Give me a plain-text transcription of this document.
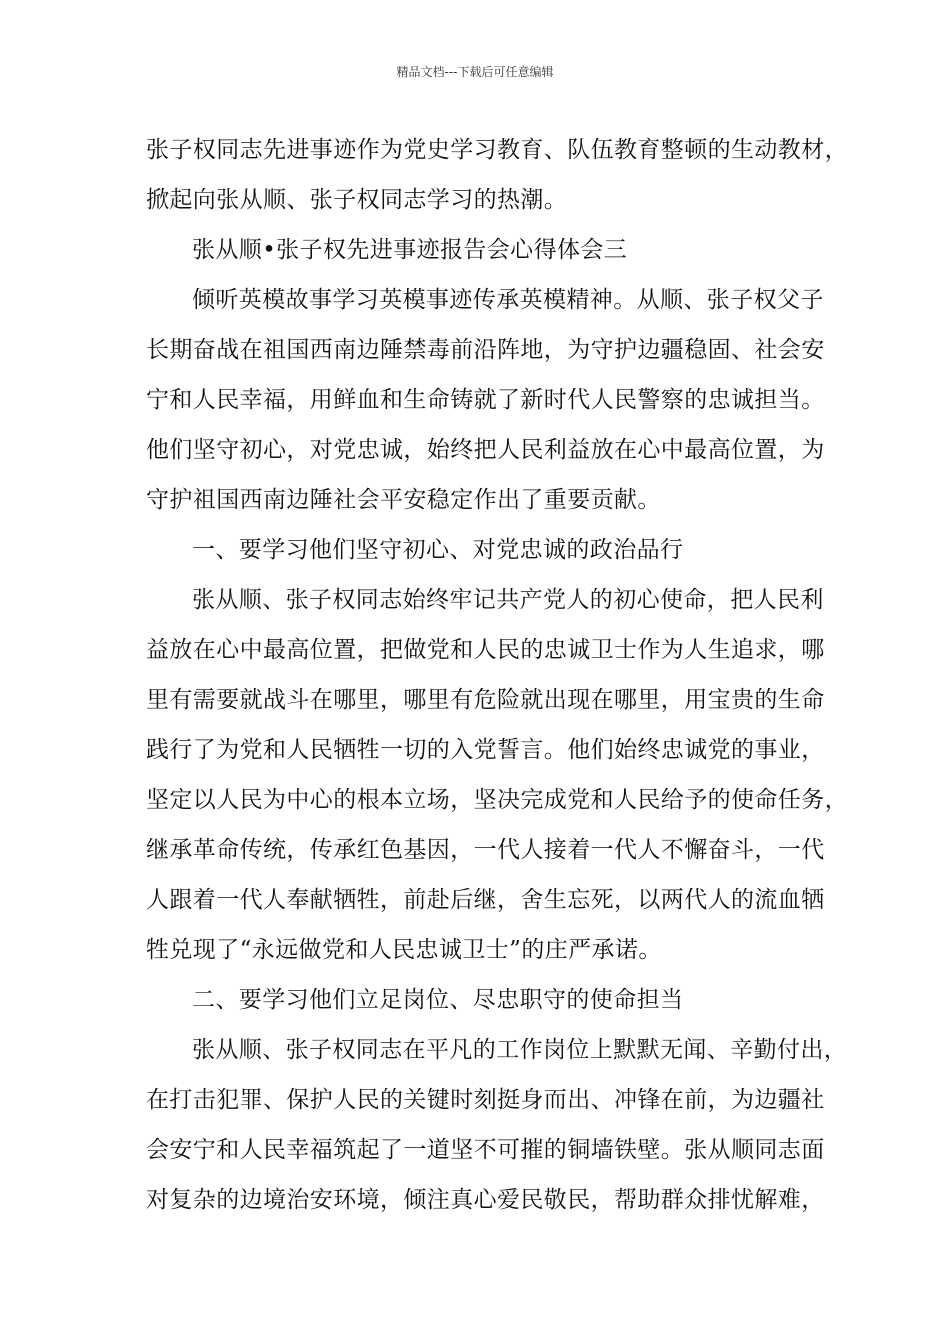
精品文档---下载后可任意编辑
张子权同志先进事迹作为党史学习教育、队伍教育整顿的生动教材，
掀起向张从顺、张子权同志学习的热潮。
张从顺•张子权先进事迹报告会心得体会三
倾听英模故事学习英模事迹传承英模精神。从顺、张子权父子
长期奋战在祖国西南边陲禁毒前沿阵地，为守护边疆稳固、社会安
宁和人民幸福，用鲜血和生命铸就了新时代人民警察的忠诚担当。
他们坚守初心，对党忠诚，始终把人民利益放在心中最高位置，为
守护祖国西南边陲社会平安稳定作出了重要贡献。
一、要学习他们坚守初心、对党忠诚的政治品行
张从顺、张子权同志始终牢记共产党人的初心使命，把人民利
益放在心中最高位置，把做党和人民的忠诚卫士作为人生追求，哪
里有需要就战斗在哪里，哪里有危险就出现在哪里，用宝贵的生命
践行了为党和人民牺牲一切的入党誓言。他们始终忠诚党的事业，
坚定以人民为中心的根本立场，坚决完成党和人民给予的使命任务，
继承革命传统，传承红色基因，一代人接着一代人不懈奋斗，一代
人跟着一代人奉献牺牲，前赴后继，舍生忘死，以两代人的流血牺
牲兑现了“永远做党和人民忠诚卫士”的庄严承诺。
二、要学习他们立足岗位、尽忠职守的使命担当
张从顺、张子权同志在平凡的工作岗位上默默无闻、辛勤付出，
在打击犯罪、保护人民的关键时刻挺身而出、冲锋在前，为边疆社
会安宁和人民幸福筑起了一道坚不可摧的铜墙铁壁。张从顺同志面
对复杂的边境治安环境，倾注真心爱民敬民，帮助群众排忧解难，
